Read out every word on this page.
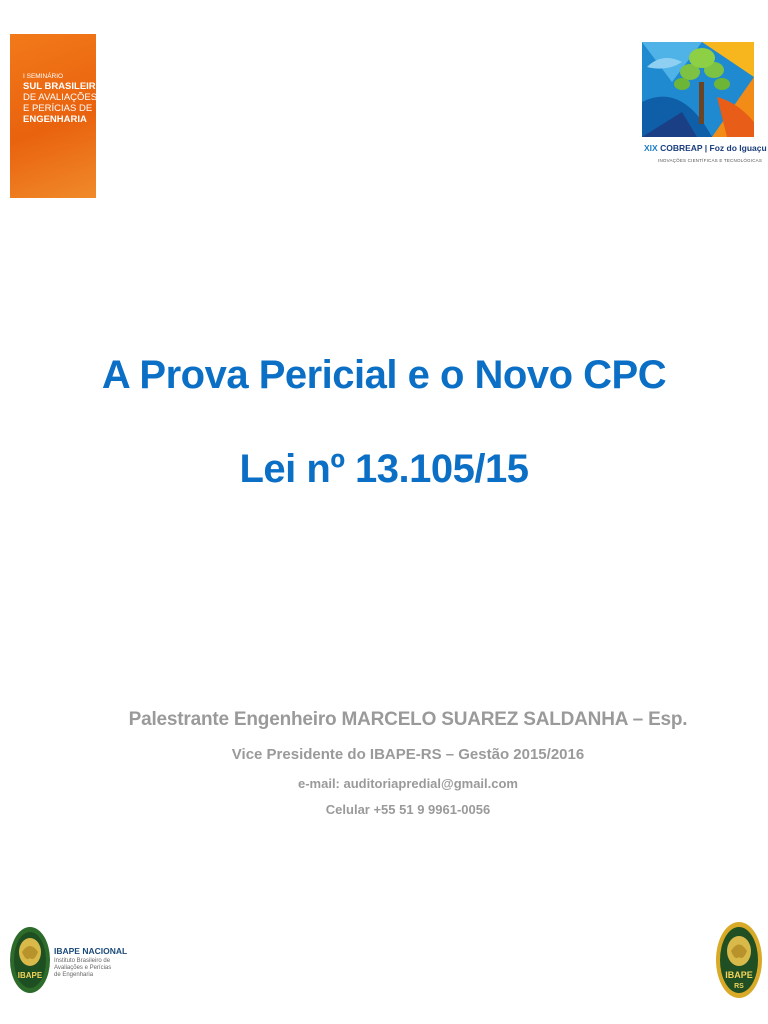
I SEMINÁRIO
SUL BRASILEIRO
DE AVALIAÇÕES
E PERÍCIAS DE
ENGENHARIA
XIX COBREAP | Foz do Iguaçu
INOVAÇÕES CIENTÍFICAS E TECNOLÓGICAS
A Prova Pericial e o Novo CPC
Lei nº 13.105/15
Palestrante Engenheiro MARCELO SUAREZ SALDANHA – Esp.
Vice Presidente do IBAPE-RS – Gestão 2015/2016
e-mail: auditoriapredial@gmail.com
Celular +55 51 9 9961-0056
IBAPE
IBAPE NACIONAL
Instituto Brasileiro de Avaliações e Perícias de Engenharia	IBAPE
RS
